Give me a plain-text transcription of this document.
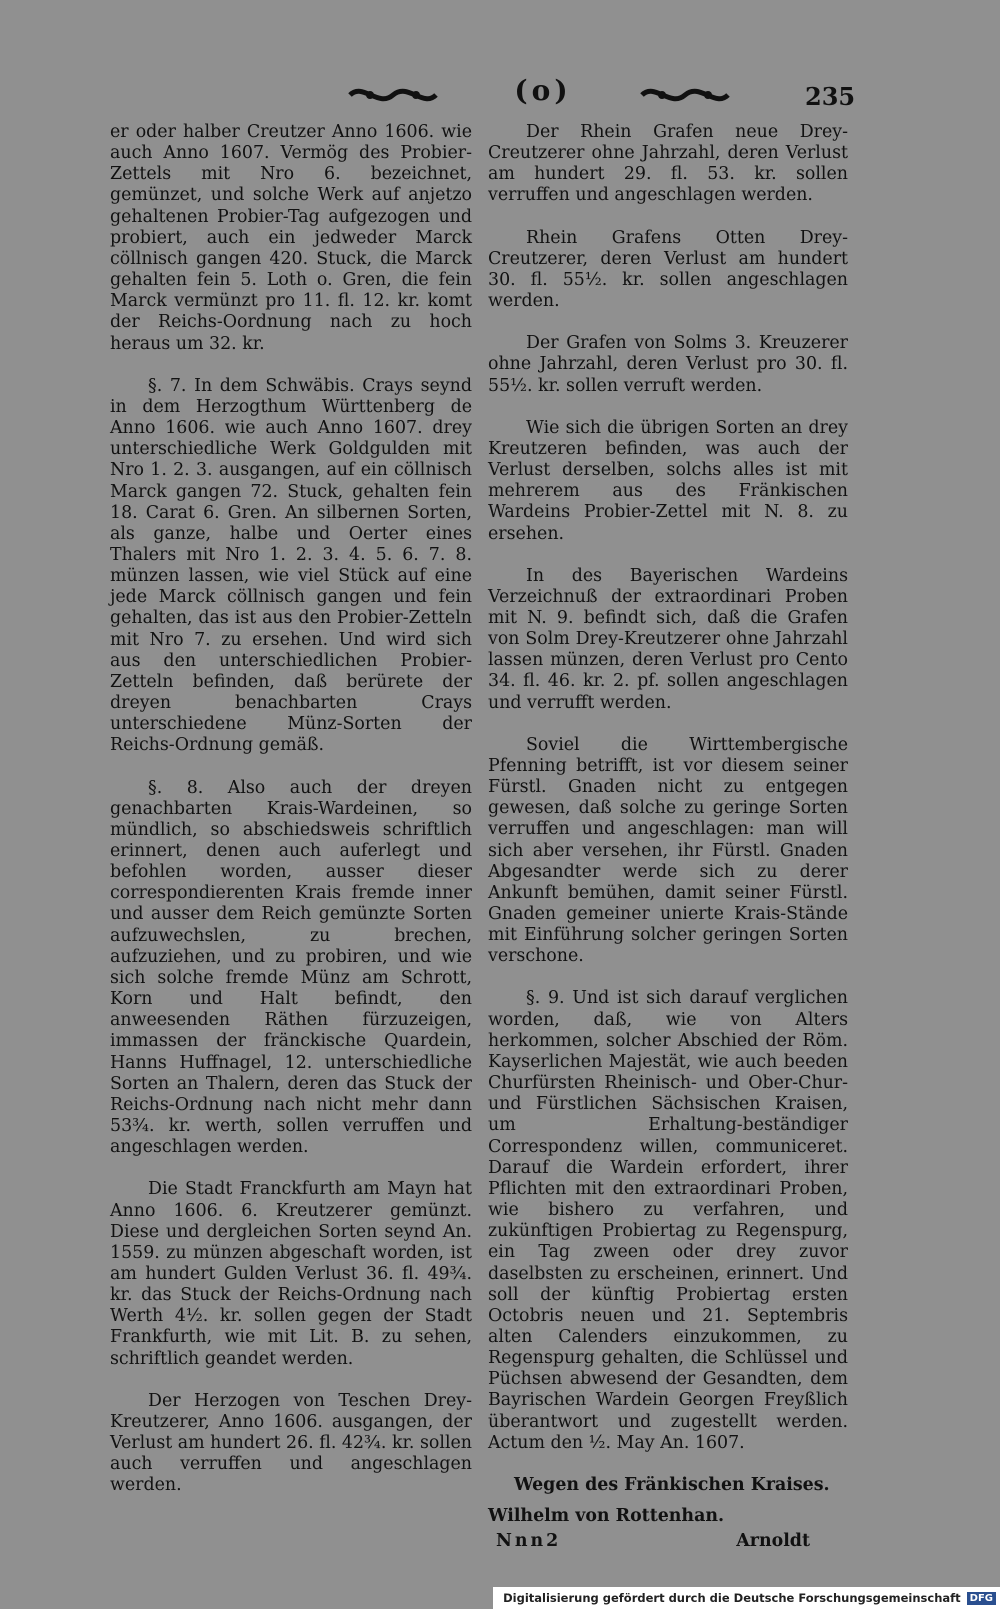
(o)	235

er oder halber Creutzer Anno 1606. wie auch Anno 1607. Vermög des Probier-Zettels mit Nro 6. bezeichnet, gemünzet, und solche Werk auf anjetzo gehaltenen Probier-Tag aufgezogen und probiert, auch ein jedweder Marck cöllnisch gangen 420. Stuck, die Marck gehalten fein 5. Loth o. Gren, die fein Marck vermünzt pro 11. fl. 12. kr. komt der Reichs-Oordnung nach zu hoch heraus um 32. kr.

§. 7. In dem Schwäbis. Crays seynd in dem Herzogthum Württenberg de Anno 1606. wie auch Anno 1607. drey unterschiedliche Werk Goldgulden mit Nro 1. 2. 3. ausgangen, auf ein cöllnisch Marck gangen 72. Stuck, gehalten fein 18. Carat 6. Gren. An silbernen Sorten, als ganze, halbe und Oerter eines Thalers mit Nro 1. 2. 3. 4. 5. 6. 7. 8. münzen lassen, wie viel Stück auf eine jede Marck cöllnisch gangen und fein gehalten, das ist aus den Probier-Zetteln mit Nro 7. zu ersehen. Und wird sich aus den unterschiedlichen Probier-Zetteln befinden, daß berürete der dreyen benachbarten Crays unterschiedene Münz-Sorten der Reichs-Ordnung gemäß.

§. 8. Also auch der dreyen genachbarten Krais-Wardeinen, so mündlich, so abschiedsweis schriftlich erinnert, denen auch auferlegt und befohlen worden, ausser dieser correspondierenten Krais fremde inner und ausser dem Reich gemünzte Sorten aufzuwechslen, zu brechen, aufzuziehen, und zu probiren, und wie sich solche fremde Münz am Schrott, Korn und Halt befindt, den anweesenden Räthen fürzuzeigen, immassen der fränckische Quardein, Hanns Huffnagel, 12. unterschiedliche Sorten an Thalern, deren das Stuck der Reichs-Ordnung nach nicht mehr dann 53¾. kr. werth, sollen verruffen und angeschlagen werden.

Die Stadt Franckfurth am Mayn hat Anno 1606. 6. Kreutzerer gemünzt. Diese und dergleichen Sorten seynd An. 1559. zu münzen abgeschaft worden, ist am hundert Gulden Verlust 36. fl. 49¾. kr. das Stuck der Reichs-Ordnung nach Werth 4½. kr. sollen gegen der Stadt Frankfurth, wie mit Lit. B. zu sehen, schriftlich geandet werden.

Der Herzogen von Teschen Drey-Kreutzerer, Anno 1606. ausgangen, der Verlust am hundert 26. fl. 42¾. kr. sollen auch verruffen und angeschlagen werden.

Der Rhein Grafen neue Drey-Creutzerer ohne Jahrzahl, deren Verlust am hundert 29. fl. 53. kr. sollen verruffen und angeschlagen werden.

Rhein Grafens Otten Drey-Creutzerer, deren Verlust am hundert 30. fl. 55½. kr. sollen angeschlagen werden.

Der Grafen von Solms 3. Kreuzerer ohne Jahrzahl, deren Verlust pro 30. fl. 55½. kr. sollen verruft werden.

Wie sich die übrigen Sorten an drey Kreutzeren befinden, was auch der Verlust derselben, solchs alles ist mit mehrerem aus des Fränkischen Wardeins Probier-Zettel mit N. 8. zu ersehen.

In des Bayerischen Wardeins Verzeichnuß der extraordinari Proben mit N. 9. befindt sich, daß die Grafen von Solm Drey-Kreutzerer ohne Jahrzahl lassen münzen, deren Verlust pro Cento 34. fl. 46. kr. 2. pf. sollen angeschlagen und verrufft werden.

Soviel die Wirttembergische Pfenning betrifft, ist vor diesem seiner Fürstl. Gnaden nicht zu entgegen gewesen, daß solche zu geringe Sorten verruffen und angeschlagen: man will sich aber versehen, ihr Fürstl. Gnaden Abgesandter werde sich zu derer Ankunft bemühen, damit seiner Fürstl. Gnaden gemeiner unierte Krais-Stände mit Einführung solcher geringen Sorten verschone.

§. 9. Und ist sich darauf verglichen worden, daß, wie von Alters herkommen, solcher Abschied der Röm. Kayserlichen Majestät, wie auch beeden Churfürsten Rheinisch- und Ober-Chur- und Fürstlichen Sächsischen Kraisen, um Erhaltung-beständiger Correspondenz willen, communiceret. Darauf die Wardein erfordert, ihrer Pflichten mit den extraordinari Proben, wie bishero zu verfahren, und zukünftigen Probiertag zu Regenspurg, ein Tag zween oder drey zuvor daselbsten zu erscheinen, erinnert. Und soll der künftig Probiertag ersten Octobris neuen und 21. Septembris alten Calenders einzukommen, zu Regenspurg gehalten, die Schlüssel und Püchsen abwesend der Gesandten, dem Bayrischen Wardein Georgen Freyßlich überantwort und zugestellt werden. Actum den ¹⁄₂. May An. 1607.

Wegen des Fränkischen Kraises.
Wilhelm von Rottenhan.
Nnn2	Arnoldt
Digitalisierung gefördert durch die Deutsche Forschungsgemeinschaft DFG
